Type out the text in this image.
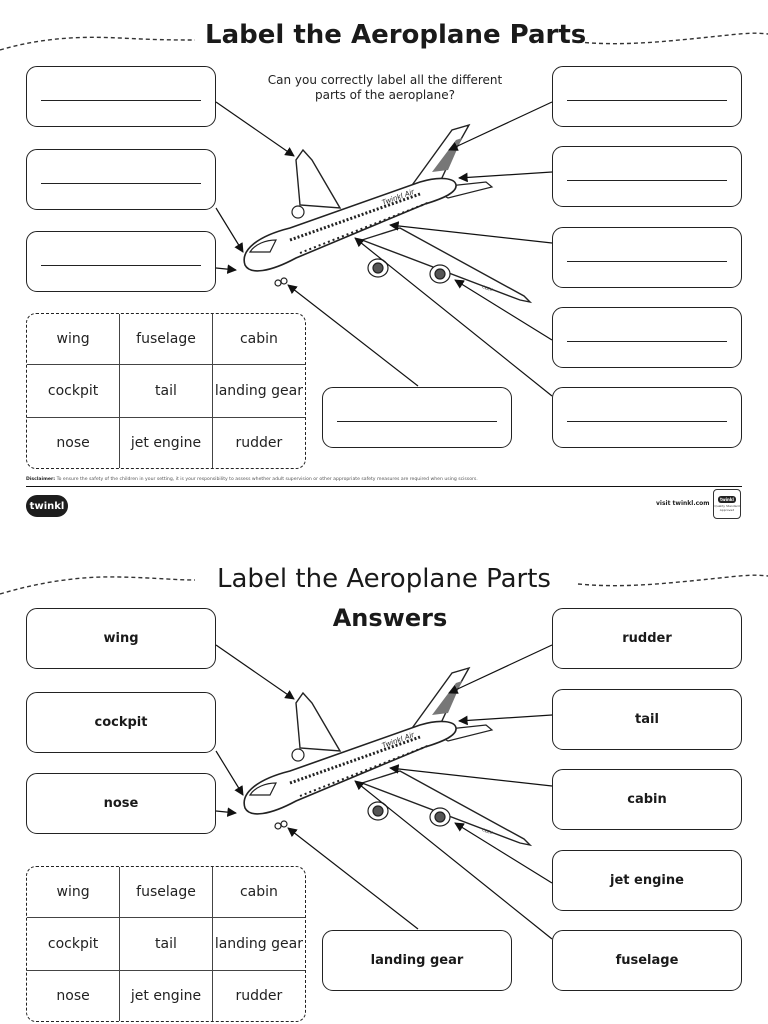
Label the Aeroplane Parts
Can you correctly label all the different parts of the aeroplane?
wing	fuselage	cabin
cockpit	tail	landing gear
nose	jet engine	rudder
Disclaimer: To ensure the safety of the children in your setting, it is your responsibility to assess whether adult supervision or other appropriate safety measures are required when using scissors.
twinkl	visit twinkl.com
twinkl
Quality Standard Approved
Label the Aeroplane Parts
Answers
wing
cockpit
nose
rudder
tail
cabin
jet engine
fuselage
landing gear
wing	fuselage	cabin
cockpit	tail	landing gear
nose	jet engine	rudder
